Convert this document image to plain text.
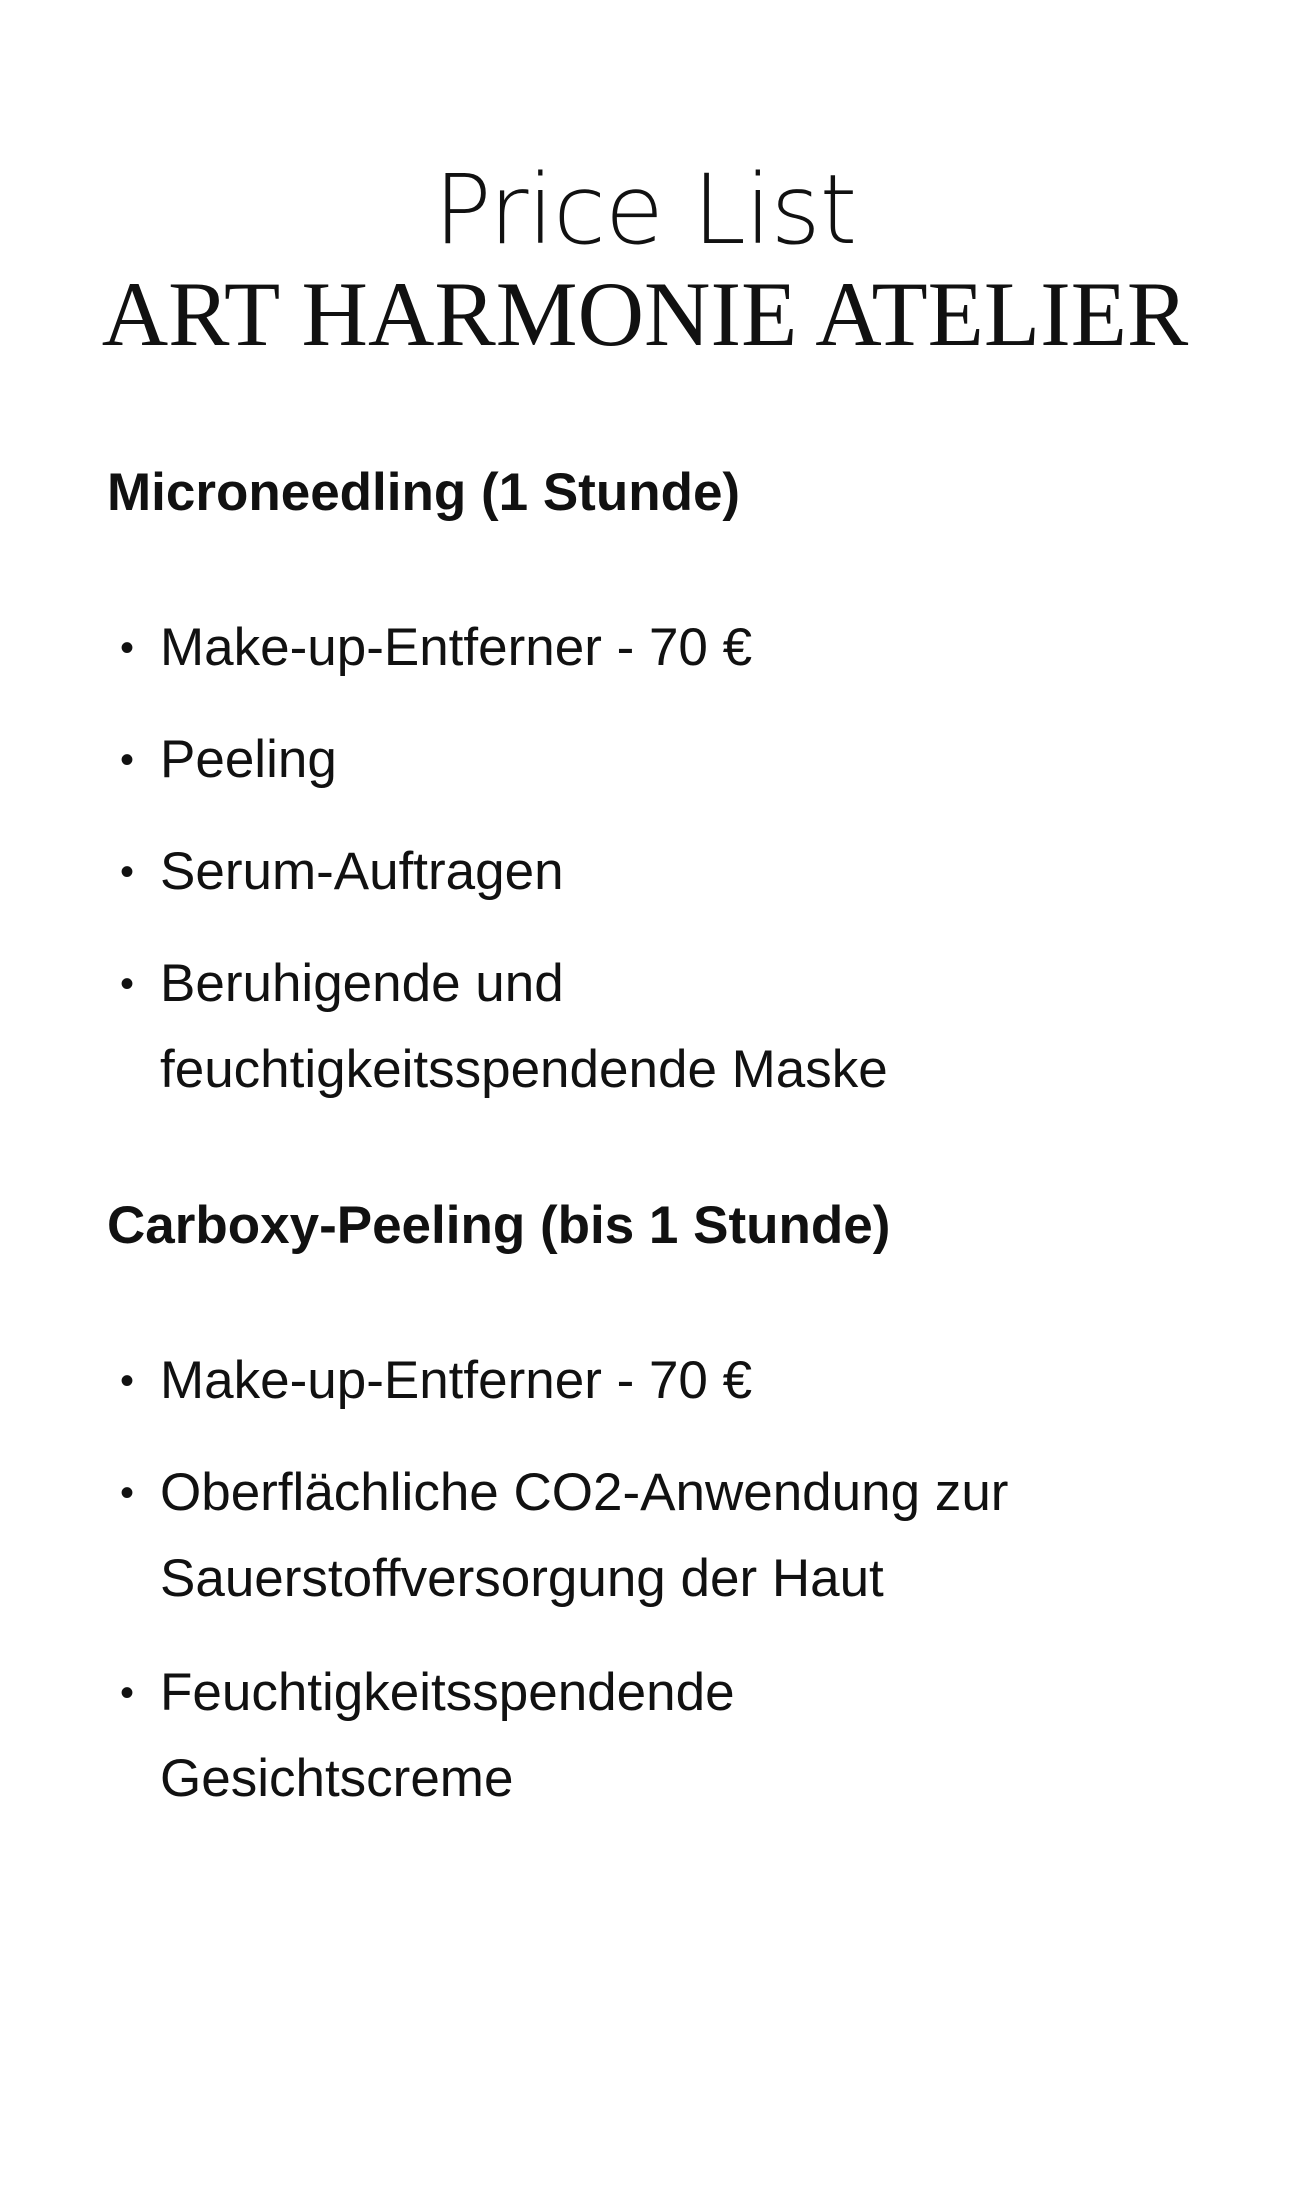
Price List
ART HARMONIE ATELIER
Microneedling (1 Stunde)
• Make-up-Entferner - 70 €
• Peeling
• Serum-Auftragen
• Beruhigende und feuchtigkeitsspendende Maske
Carboxy-Peeling (bis 1 Stunde)
• Make-up-Entferner - 70 €
• Oberflächliche CO2-Anwendung zur Sauerstoffversorgung der Haut
• Feuchtigkeitsspendende Gesichtscreme
